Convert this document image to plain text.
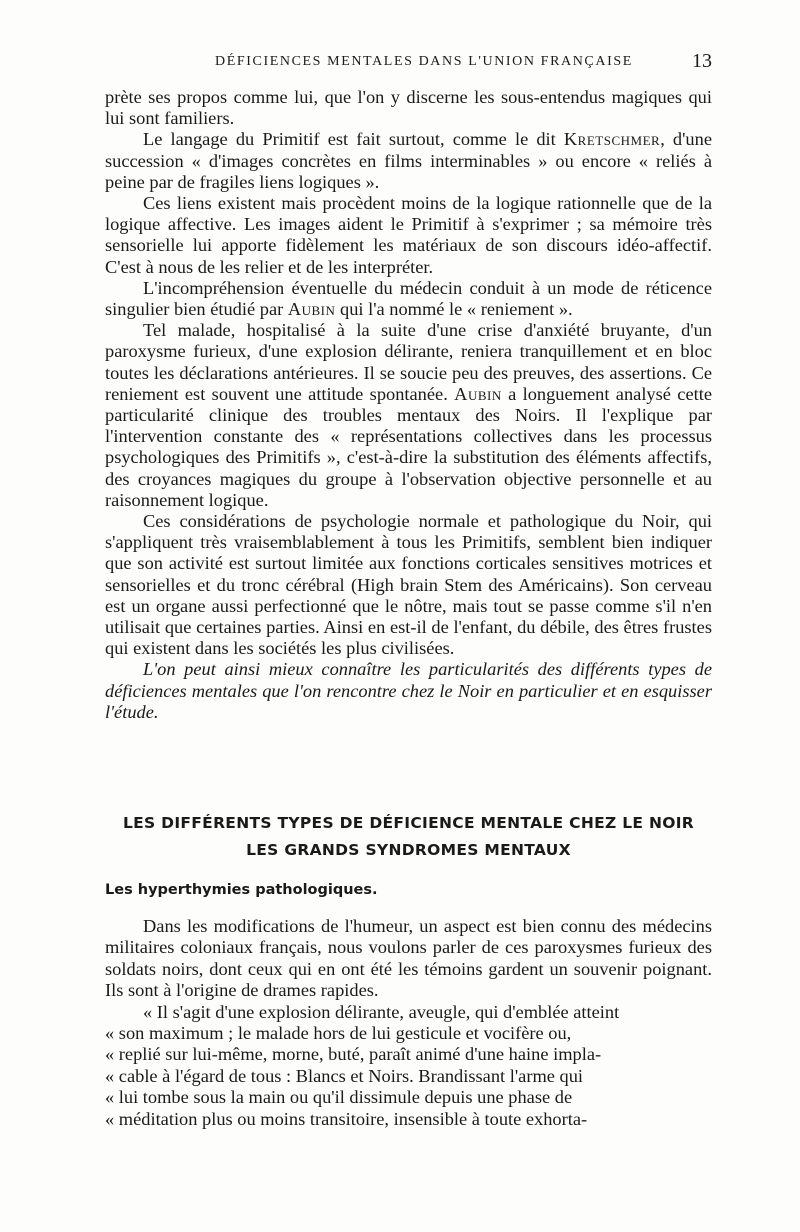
DÉFICIENCES MENTALES DANS L'UNION FRANÇAISE	13

prète ses propos comme lui, que l'on y discerne les sous-entendus magiques qui lui sont familiers.

Le langage du Primitif est fait surtout, comme le dit Kretschmer, d'une succession « d'images concrètes en films interminables » ou encore « reliés à peine par de fragiles liens logiques ».

Ces liens existent mais procèdent moins de la logique rationnelle que de la logique affective. Les images aident le Primitif à s'exprimer ; sa mémoire très sensorielle lui apporte fidèlement les matériaux de son discours idéo-affectif. C'est à nous de les relier et de les interpréter.

L'incompréhension éventuelle du médecin conduit à un mode de réticence singulier bien étudié par Aubin qui l'a nommé le « reniement ».

Tel malade, hospitalisé à la suite d'une crise d'anxiété bruyante, d'un paroxysme furieux, d'une explosion délirante, reniera tranquillement et en bloc toutes les déclarations antérieures. Il se soucie peu des preuves, des assertions. Ce reniement est souvent une attitude spontanée. Aubin a longuement analysé cette particularité clinique des troubles mentaux des Noirs. Il l'explique par l'intervention constante des « représentations collectives dans les processus psychologiques des Primitifs », c'est-à-dire la substitution des éléments affectifs, des croyances magiques du groupe à l'observation objective personnelle et au raisonnement logique.

Ces considérations de psychologie normale et pathologique du Noir, qui s'appliquent très vraisemblablement à tous les Primitifs, semblent bien indiquer que son activité est surtout limitée aux fonctions corticales sensitives motrices et sensorielles et du tronc cérébral (High brain Stem des Américains). Son cerveau est un organe aussi perfectionné que le nôtre, mais tout se passe comme s'il n'en utilisait que certaines parties. Ainsi en est-il de l'enfant, du débile, des êtres frustes qui existent dans les sociétés les plus civilisées.

L'on peut ainsi mieux connaître les particularités des différents types de déficiences mentales que l'on rencontre chez le Noir en particulier et en esquisser l'étude.

LES DIFFÉRENTS TYPES DE DÉFICIENCE MENTALE CHEZ LE NOIR
LES GRANDS SYNDROMES MENTAUX
Les hyperthymies pathologiques.

Dans les modifications de l'humeur, un aspect est bien connu des médecins militaires coloniaux français, nous voulons parler de ces paroxysmes furieux des soldats noirs, dont ceux qui en ont été les témoins gardent un souvenir poignant. Ils sont à l'origine de drames rapides.

« Il s'agit d'une explosion délirante, aveugle, qui d'emblée atteint
« son maximum ; le malade hors de lui gesticule et vocifère ou,
« replié sur lui-même, morne, buté, paraît animé d'une haine impla-
« cable à l'égard de tous : Blancs et Noirs. Brandissant l'arme qui
« lui tombe sous la main ou qu'il dissimule depuis une phase de
« méditation plus ou moins transitoire, insensible à toute exhorta-
